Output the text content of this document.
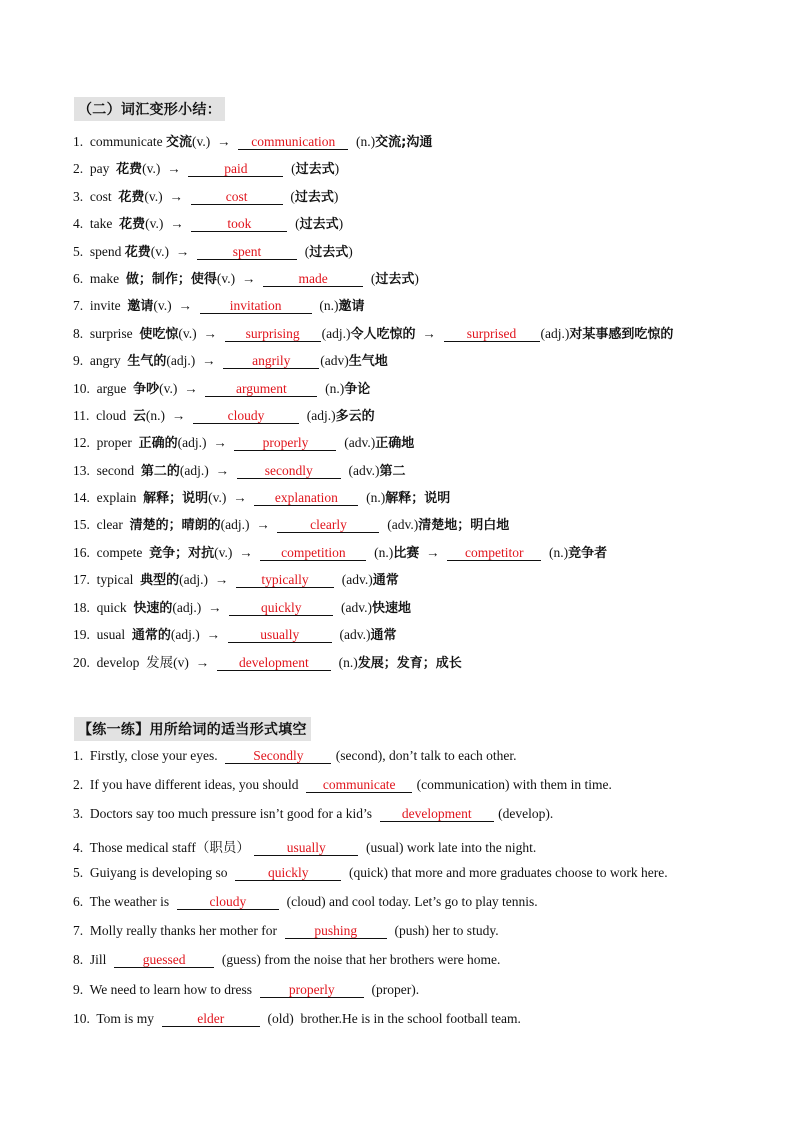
（二）词汇变形小结：
1.  communicate 交流 (v.)  →	communication	(n.) 交流;沟通
2.  pay 花费 (v.)  →	paid	( 过去式 )
3.  cost 花费 (v.)  →	cost	( 过去式 )
4.  take 花费 (v.)  →	took	( 过去式 )
5.  spend 花费 (v.)  →	spent	( 过去式 )
6.  make 做；制作；使得 (v.)  →	made	( 过去式 )
7.  invite 邀请 (v.)  →	invitation	(n.) 邀请
8.  surprise 使吃惊 (v.)  →	surprising	(adj.) 令人吃惊的 →	surprised	(adj.) 对某事感到吃惊的
9.  angry 生气的 (adj.)  →	angrily	(adv) 生气地
10.  argue 争吵 (v.)  →	argument	(n.) 争论
11.  cloud 云 (n.)  →	cloudy	(adj.) 多云的
12.  proper 正确的 (adj.)  →	properly	(adv.) 正确地
13.  second 第二的 (adj.)  →	secondly	(adv.) 第二
14.  explain 解释；说明 (v.)  →	explanation	(n.) 解释；说明
15.  clear 清楚的；晴朗的 (adj.)  →	clearly	(adv.) 清楚地；明白地
16.  compete 竞争；对抗 (v.)  →	competition	(n.) 比赛 →	competitor	(n.) 竞争者
17.  typical 典型的 (adj.)  →	typically	(adv.) 通常
18.  quick 快速的 (adj.)  →	quickly	(adv.) 快速地
19.  usual 通常的 (adj.)  →	usually	(adv.) 通常
20.  develop 发展 (v)  →	development	(n.) 发展；发育；成长
【练一练】用所给词的适当形式填空
1.  Firstly, close your eyes.	Secondly	(second), don’t talk to each other.
2.  If you have different ideas, you should	communicate	(communication) with them in time.
3.  Doctors say too much pressure isn’t good for a kid’s	development	(develop).
4.  Those medical staff （职员）
	usually	(usual) work late into the night.
5.  Guiyang is developing so	quickly	(quick) that more and more graduates choose to work here.
6.  The weather is	cloudy	(cloud) and cool today. Let’s go to play tennis.
7.  Molly really thanks her mother for	pushing	(push) her to study.
8.  Jill	guessed	(guess) from the noise that her brothers were home.
9.  We need to learn how to dress	properly	(proper).
10.  Tom is my	elder	(old)  brother.He is in the school football team.
